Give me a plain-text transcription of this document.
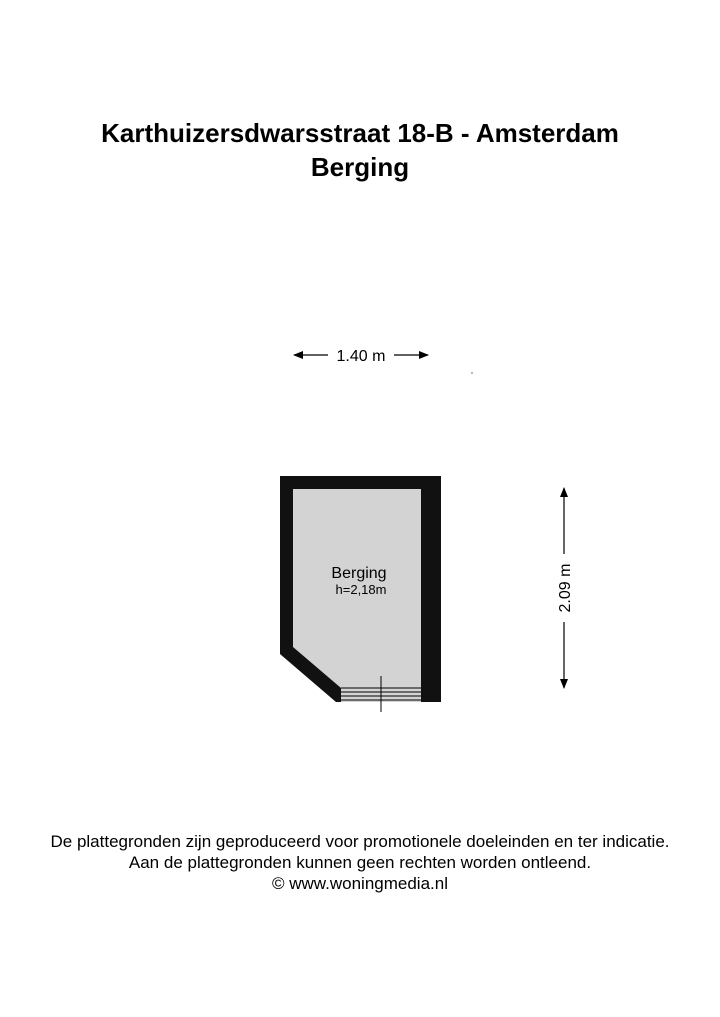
Karthuizersdwarsstraat 18-B - Amsterdam
Berging
Berging
h=2,18m
1.40 m
2.09 m
De plattegronden zijn geproduceerd voor promotionele doeleinden en ter indicatie.
Aan de plattegronden kunnen geen rechten worden ontleend.
© www.woningmedia.nl
